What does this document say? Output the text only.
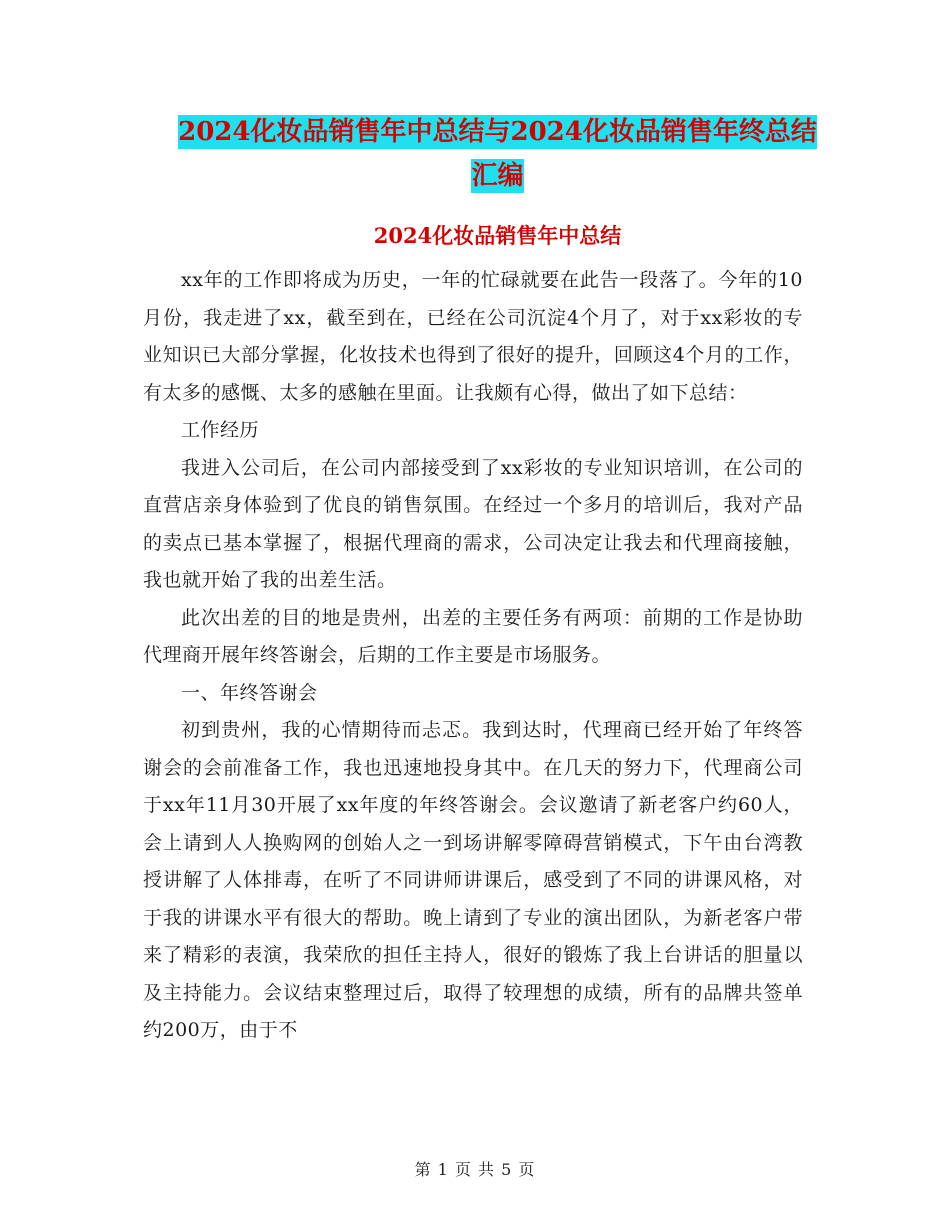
2024化妆品销售年中总结与2024化妆品销售年终总结
汇编
2024化妆品销售年中总结

xx年的工作即将成为历史，一年的忙碌就要在此告一段落了。今年的10月份，我走进了xx，截至到在，已经在公司沉淀4个月了，对于xx彩妆的专业知识已大部分掌握，化妆技术也得到了很好的提升，回顾这4个月的工作，有太多的感慨、太多的感触在里面。让我颇有心得，做出了如下总结：

工作经历

我进入公司后，在公司内部接受到了xx彩妆的专业知识培训，在公司的直营店亲身体验到了优良的销售氛围。在经过一个多月的培训后，我对产品的卖点已基本掌握了，根据代理商的需求，公司决定让我去和代理商接触，我也就开始了我的出差生活。

此次出差的目的地是贵州，出差的主要任务有两项：前期的工作是协助代理商开展年终答谢会，后期的工作主要是市场服务。

一、年终答谢会

初到贵州，我的心情期待而忐忑。我到达时，代理商已经开始了年终答谢会的会前准备工作，我也迅速地投身其中。在几天的努力下，代理商公司于xx年11月30开展了xx年度的年终答谢会。会议邀请了新老客户约60人，会上请到人人换购网的创始人之一到场讲解零障碍营销模式，下午由台湾教授讲解了人体排毒，在听了不同讲师讲课后，感受到了不同的讲课风格，对于我的讲课水平有很大的帮助。晚上请到了专业的演出团队，为新老客户带来了精彩的表演，我荣欣的担任主持人，很好的锻炼了我上台讲话的胆量以及主持能力。会议结束整理过后，取得了较理想的成绩，所有的品牌共签单约200万，由于不

第 1 页 共 5 页
